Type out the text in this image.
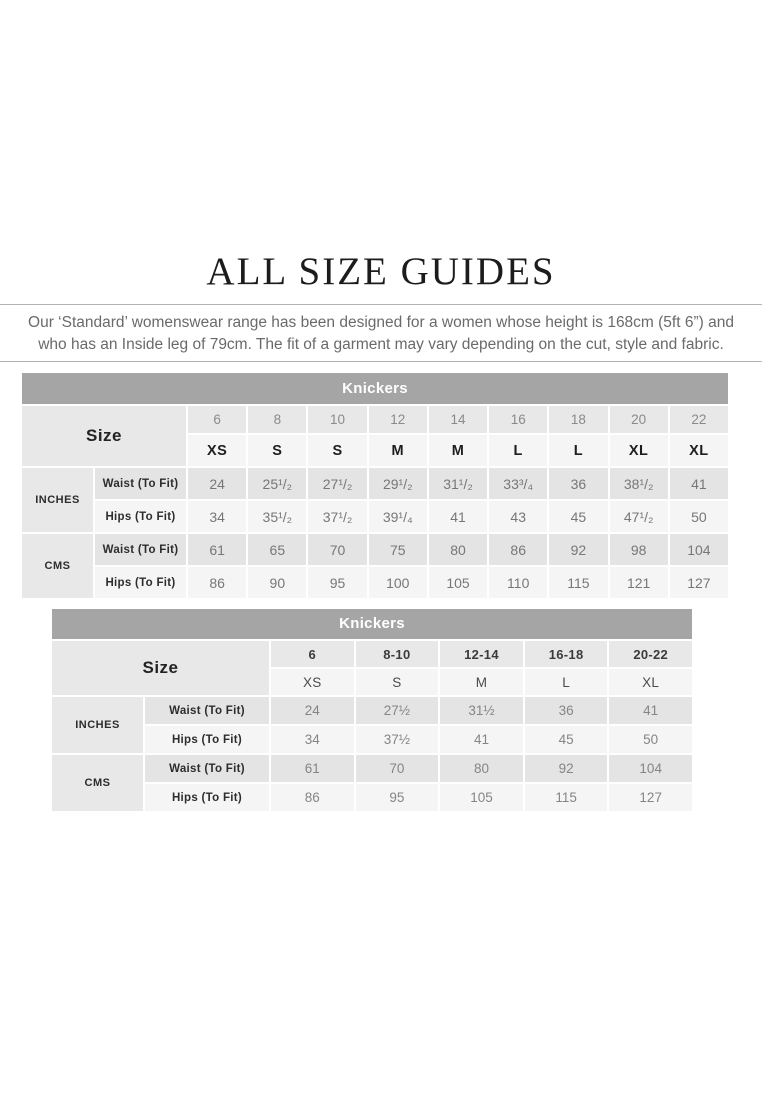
ALL SIZE GUIDES

Our ‘Standard’ womenswear range has been designed for a women whose height is 168cm (5ft 6”) and

who has an Inside leg of 79cm. The fit of a garment may vary depending on the cut, style and fabric.

Knickers
Size
6	8	10	12	14	16	18	20	22
XS	S	S	M	M	L	L	XL	XL
INCHES
Waist (To Fit)	24	25¹/₂	27¹/₂	29¹/₂	31¹/₂	33³/₄	36	38¹/₂	41
Hips (To Fit)	34	35¹/₂	37¹/₂	39¹/₄	41	43	45	47¹/₂	50
CMS
Waist (To Fit)	61	65	70	75	80	86	92	98	104
Hips (To Fit)	86	90	95	100	105	110	115	121	127
Knickers
Size
6	8-10	12-14	16-18	20-22
XS	S	M	L	XL
INCHES
Waist (To Fit)	24	27½	31½	36	41
Hips (To Fit)	34	37½	41	45	50
CMS
Waist (To Fit)	61	70	80	92	104
Hips (To Fit)	86	95	105	115	127
